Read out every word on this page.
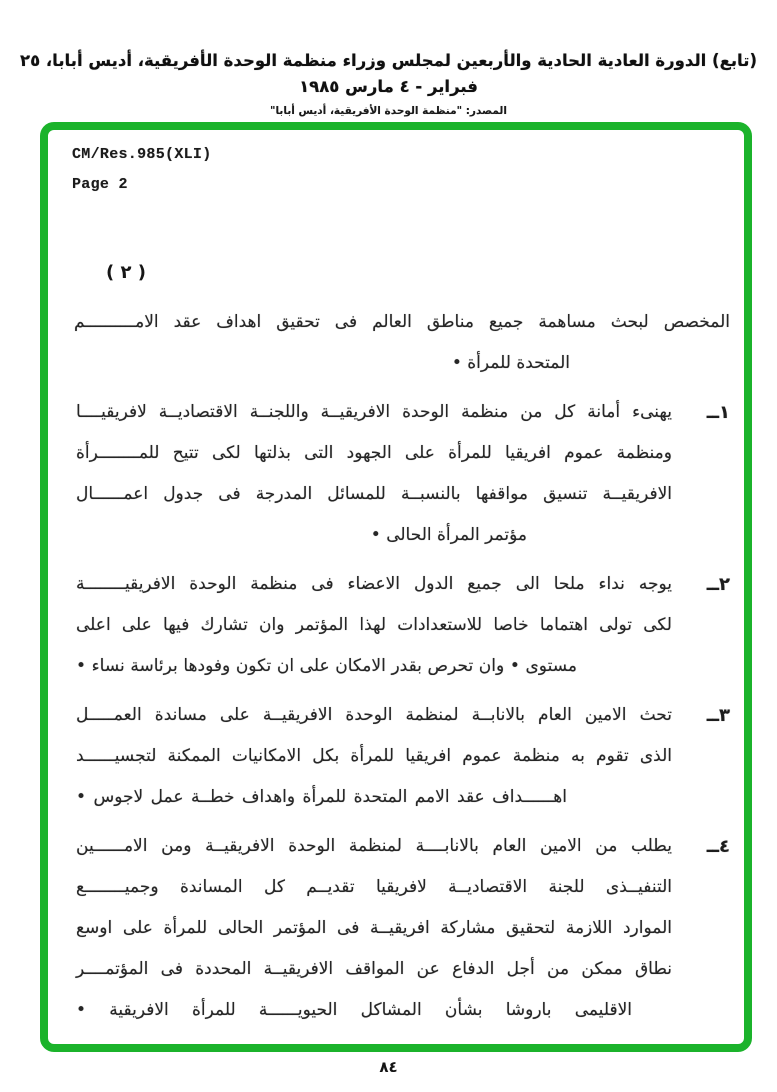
(تابع) الدورة العادية الحادية والأربعين لمجلس وزراء منظمة الوحدة الأفريقية، أديس أبابا، ٢٥ فبراير - ٤ مارس ١٩٨٥
المصدر: "منظمة الوحدة الأفريقية، أديس أبابا"
CM/Res.985(XLI)
Page 2
( ٢ )
المخصص لبحث مساهمة جميع مناطق العالم فى تحقيق اهداف عقد الامــــــــــم
المتحدة للمرأة •
١ــ
يهنىء أمانة كل من منظمة الوحدة الافريقيــة واللجنــة الاقتصاديــة لافريقيــــا
ومنظمة عموم افريقيا للمرأة على الجهود التى بذلتها لكى تتيح للمــــــــرأة
الافريقيــة تنسيق مواقفها بالنسبــة للمسائل المدرجة فى جدول اعمــــــال
مؤتمر المرأة الحالى •
٢ــ
يوجه نداء ملحا الى جميع الدول الاعضاء فى منظمة الوحدة الافريقيــــــــة
لكى تولى اهتماما خاصا للاستعدادات لهذا المؤتمر وان تشارك فيها على اعلى
مستوى • وان تحرص بقدر الامكان على ان تكون وفودها برئاسة نساء •
٣ــ
تحث الامين العام بالانابــة لمنظمة الوحدة الافريقيــة على مساندة العمـــــل
الذى تقوم به منظمة عموم افريقيا للمرأة بكل الامكانيات الممكنة لتجسيــــــد
اهــــــداف عقد الامم المتحدة للمرأة واهداف خطــة عمل لاجوس •
٤ــ
يطلب من الامين العام بالانابــــة لمنظمة الوحدة الافريقيــة ومن الامــــــين
التنفيــذى للجنة الاقتصاديــة لافريقيا تقديــم كل المساندة وجميــــــــع
الموارد اللازمة لتحقيق مشاركة افريقيــة فى المؤتمر الحالى للمرأة على اوسع
نطاق ممكن من أجل الدفاع عن المواقف الافريقيــة المحددة فى المؤتمــــر
الاقليمى باروشا بشأن المشاكل الحيويــــــة للمرأة الافريقية •
٨٤
